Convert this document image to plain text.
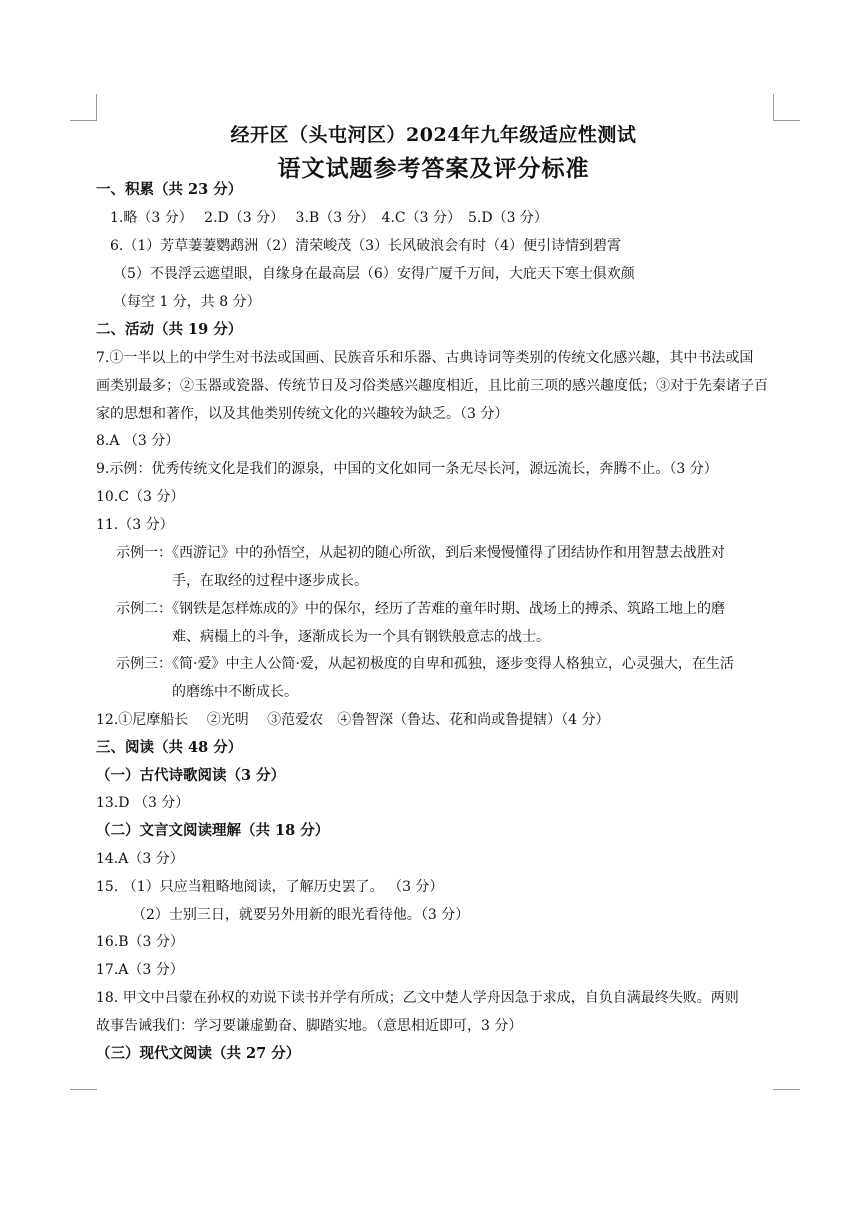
经开区（头屯河区）2024年九年级适应性测试
语文试题参考答案及评分标准
一、积累（共 23 分）
1.略（3 分）　 2.D（3 分）　 3.B（3 分）　4.C（3 分）　5.D（3 分）
6.（1）芳草萋萋鹦鹉洲（2）清荣峻茂（3）长风破浪会有时（4）便引诗情到碧霄
（5）不畏浮云遮望眼，自缘身在最高层（6）安得广厦千万间，大庇天下寒士俱欢颜
（每空 1 分，共 8 分）
二、活动（共 19 分）
7.①一半以上的中学生对书法或国画、民族音乐和乐器、古典诗词等类别的传统文化感兴趣，其中书法或国
画类别最多；②玉器或瓷器、传统节日及习俗类感兴趣度相近，且比前三项的感兴趣度低；③对于先秦诸子百
家的思想和著作，以及其他类别传统文化的兴趣较为缺乏。（3 分）
8.A （3 分）
9.示例：优秀传统文化是我们的源泉，中国的文化如同一条无尽长河，源远流长，奔腾不止。（3 分）
10.C（3 分）
11.（3 分）
示例一：《西游记》中的孙悟空，从起初的随心所欲，到后来慢慢懂得了团结协作和用智慧去战胜对
手，在取经的过程中逐步成长。
示例二：《钢铁是怎样炼成的》中的保尔，经历了苦难的童年时期、战场上的搏杀、筑路工地上的磨
难、病榻上的斗争，逐渐成长为一个具有钢铁般意志的战士。
示例三：《简·爱》中主人公简·爱，从起初极度的自卑和孤独，逐步变得人格独立，心灵强大，在生活
的磨练中不断成长。
12.①尼摩船长　 ②光明　 ③范爱农　④鲁智深（鲁达、花和尚或鲁提辖）（4 分）
三、阅读（共 48 分）
（一）古代诗歌阅读（3 分）
13.D （3 分）
（二）文言文阅读理解（共 18 分）
14.A（3 分）
15. （1）只应当粗略地阅读，了解历史罢了。 （3 分）
（2）士别三日，就要另外用新的眼光看待他。（3 分）
16.B（3 分）
17.A（3 分）
18. 甲文中吕蒙在孙权的劝说下读书并学有所成；乙文中楚人学舟因急于求成，自负自满最终失败。两则
故事告诫我们：学习要谦虚勤奋、脚踏实地。（意思相近即可，3 分）
（三）现代文阅读（共 27 分）
